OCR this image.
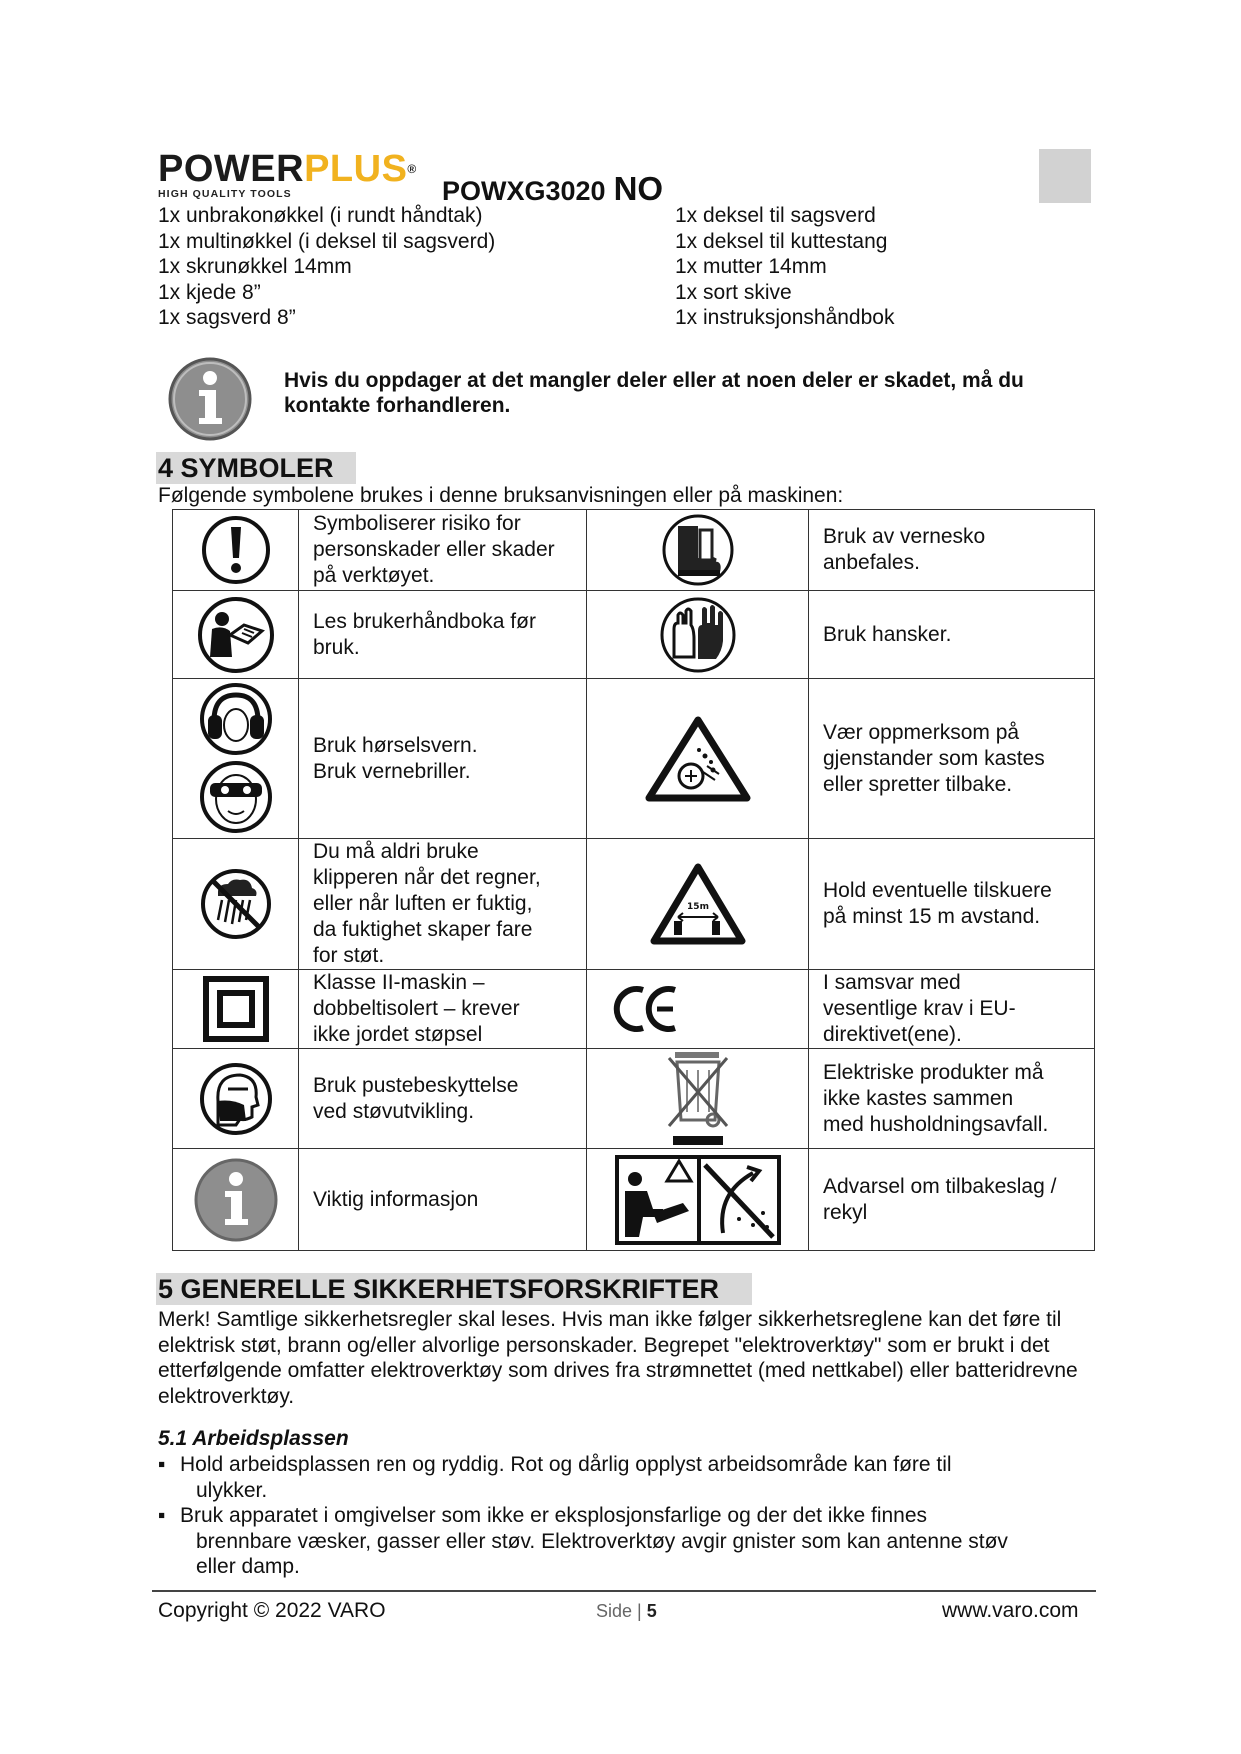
POWERPLUS®
HIGH QUALITY TOOLS	POWXG3020 NO
1x unbrakonøkkel (i rundt håndtak)
1x multinøkkel (i deksel til sagsverd)
1x skrunøkkel 14mm
1x kjede 8”
1x sagsverd 8”
1x deksel til sagsverd
1x deksel til kuttestang
1x mutter 14mm
1x sort skive
1x instruksjonshåndbok
Hvis du oppdager at det mangler deler eller at noen deler er skadet, må du kontakte forhandleren.
4 SYMBOLER
Følgende symbolene brukes i denne bruksanvisningen eller på maskinen:

Symboliserer risiko for
personskader eller skader
på verktøyet.		Bruk av vernesko
anbefales.

Les brukerhåndboka før
bruk.		Bruk hansker.

Bruk hørselsvern.
Bruk vernebriller.		Vær oppmerksom på
gjenstander som kastes
eller spretter tilbake.

Du må aldri bruke
klipperen når det regner,
eller når luften er fuktig,
da fuktighet skaper fare
for støt.	15m	Hold eventuelle tilskuere
på minst 15 m avstand.

Klasse II-maskin –
dobbeltisolert – krever
ikke jordet støpsel		I samsvar med
vesentlige krav i EU-
direktivet(ene).

Bruk pustebeskyttelse
ved støvutvikling.		Elektriske produkter må
ikke kastes sammen
med husholdningsavfall.

Viktig informasjon		Advarsel om tilbakeslag /
rekyl
5 GENERELLE SIKKERHETSFORSKRIFTER
Merk! Samtlige sikkerhetsregler skal leses. Hvis man ikke følger sikkerhetsreglene kan det føre til elektrisk støt, brann og/eller alvorlige personskader. Begrepet "elektroverktøy" som er brukt i det etterfølgende omfatter elektroverktøy som drives fra strømnettet (med nettkabel) eller batteridrevne elektroverktøy.
5.1 Arbeidsplassen
▪ Hold arbeidsplassen ren og ryddig. Rot og dårlig opplyst arbeidsområde kan føre til
ulykker.
▪ Bruk apparatet i omgivelser som ikke er eksplosjonsfarlige og der det ikke finnes
brennbare væsker, gasser eller støv. Elektroverktøy avgir gnister som kan antenne støv
eller damp.
Copyright © 2022 VARO	Side | 5	www.varo.com
